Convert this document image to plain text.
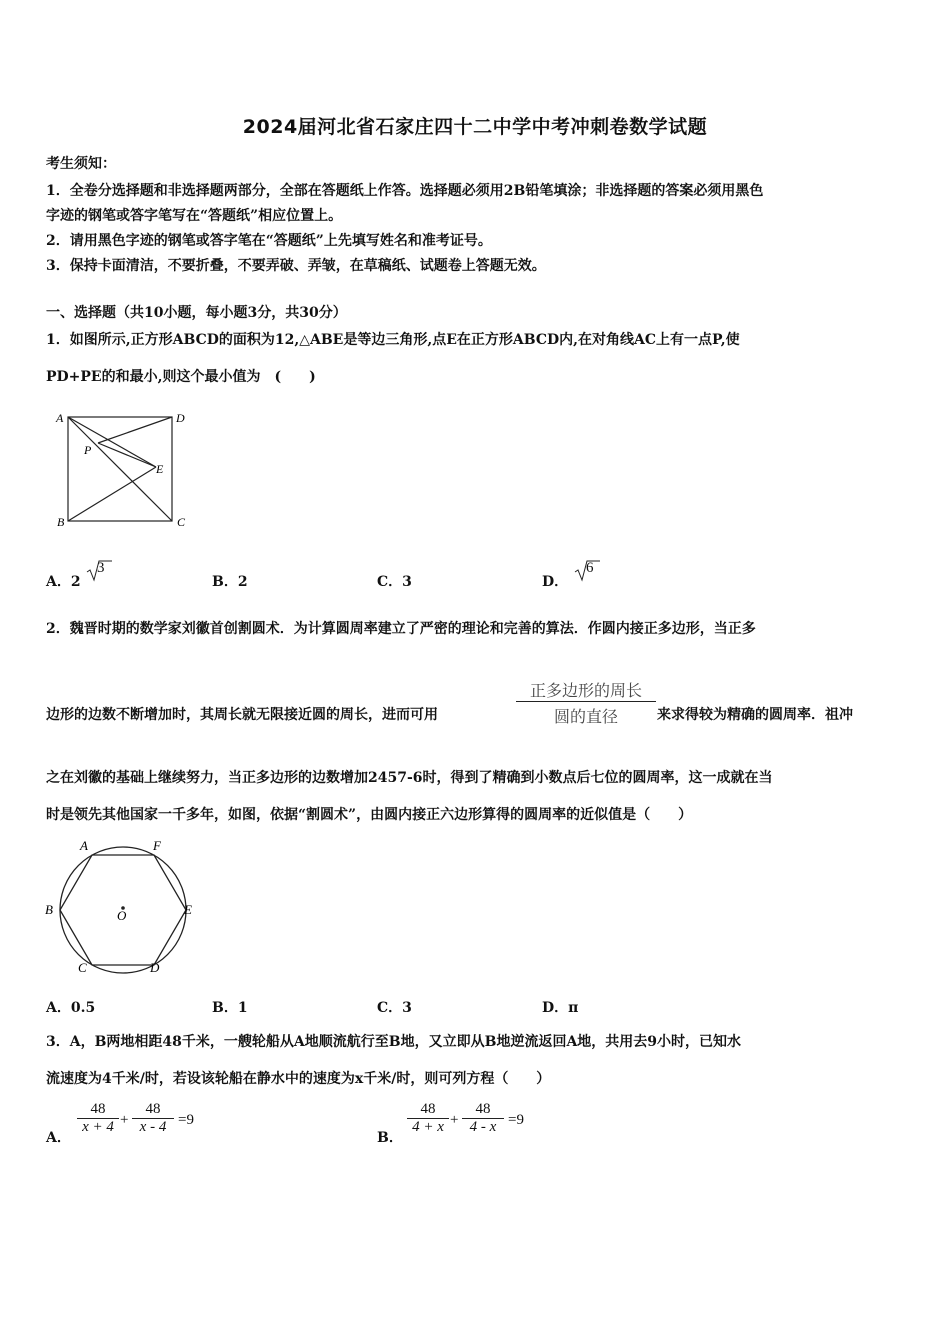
2024届河北省石家庄四十二中学中考冲刺卷数学试题
考生须知：
1．全卷分选择题和非选择题两部分，全部在答题纸上作答。选择题必须用2B铅笔填涂；非选择题的答案必须用黑色
字迹的钢笔或答字笔写在“答题纸”相应位置上。
2．请用黑色字迹的钢笔或答字笔在“答题纸”上先填写姓名和准考证号。
3．保持卡面清洁，不要折叠，不要弄破、弄皱，在草稿纸、试题卷上答题无效。
一、选择题（共10小题，每小题3分，共30分）
1．如图所示,正方形ABCD的面积为12,△ABE是等边三角形,点E在正方形ABCD内,在对角线AC上有一点P,使
PD+PE的和最小,则这个最小值为　(　　)
A	D
P
E
B	C
A．2
3
B．2	C．3	D．
6
2．魏晋时期的数学家刘徽首创割圆术．为计算圆周率建立了严密的理论和完善的算法．作圆内接正多边形，当正多
边形的边数不断增加时，其周长就无限接近圆的周长，进而可用
正多边形的周长
圆的直径	来求得较为精确的圆周率．祖冲
之在刘徽的基础上继续努力，当正多边形的边数增加2457-6时，得到了精确到小数点后七位的圆周率，这一成就在当
时是领先其他国家一千多年，如图，依据“割圆术”，由圆内接正六边形算得的圆周率的近似值是（　　）
A	F
B	O	E
C	D
A．0.5	B．1	C．3	D．π
3．A，B两地相距48千米，一艘轮船从A地顺流航行至B地，又立即从B地逆流返回A地，共用去9小时，已知水
流速度为4千米/时，若设该轮船在静水中的速度为x千米/时，则可列方程（　　）
A．
$\frac{48}{x + 4} + \frac{48}{x - 4} =9$
B．
$\frac{48}{4 + x} + \frac{48}{4 - x} =9$
